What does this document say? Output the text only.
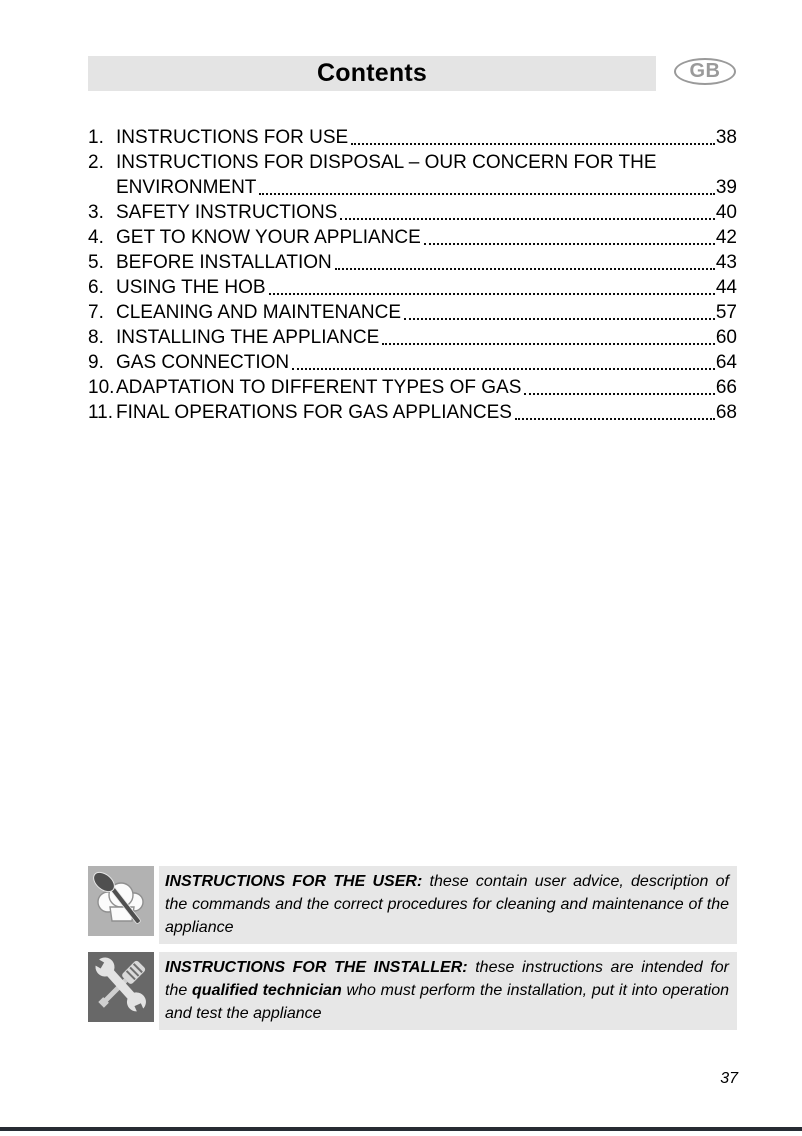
Contents	GB
1. INSTRUCTIONS FOR USE	38
2. INSTRUCTIONS FOR DISPOSAL – OUR CONCERN FOR THE
ENVIRONMENT	39
3. SAFETY INSTRUCTIONS	40
4. GET TO KNOW YOUR APPLIANCE	42
5. BEFORE INSTALLATION	43
6. USING THE HOB	44
7. CLEANING AND MAINTENANCE	57
8. INSTALLING THE APPLIANCE	60
9. GAS CONNECTION	64
10. ADAPTATION TO DIFFERENT TYPES OF GAS	66
11. FINAL OPERATIONS FOR GAS APPLIANCES	68
INSTRUCTIONS FOR THE USER: these contain user advice, description of the commands and the correct procedures for cleaning and maintenance of the appliance
INSTRUCTIONS FOR THE INSTALLER: these instructions are intended for the qualified technician who must perform the installation, put it into operation and test the appliance
37
